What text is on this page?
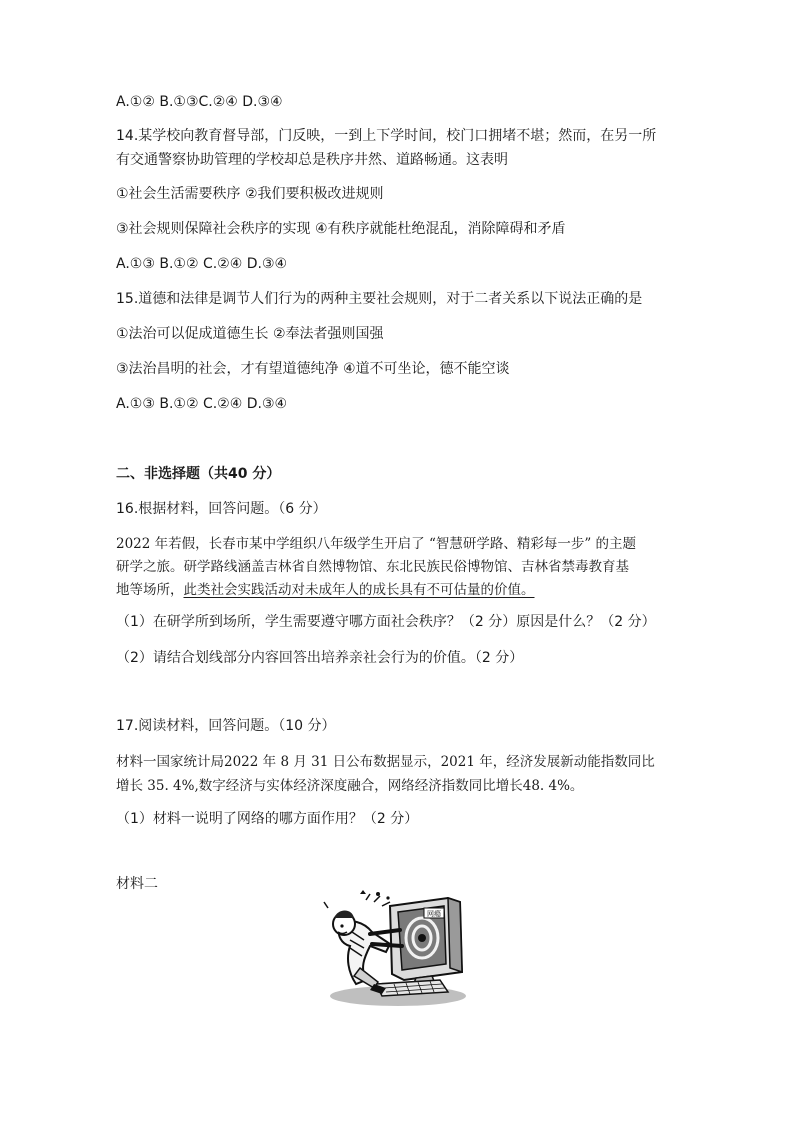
A.①② B.①③C.②④ D.③④
14.某学校向教育督导部，门反映，一到上下学时间，校门口拥堵不堪；然而，在另一所
有交通警察协助管理的学校却总是秩序井然、道路畅通。这表明
①社会生活需要秩序 ②我们要积极改进规则
③社会规则保障社会秩序的实现 ④有秩序就能杜绝混乱，消除障碍和矛盾
A.①③ B.①② C.②④ D.③④
15.道德和法律是调节人们行为的两种主要社会规则，对于二者关系以下说法正确的是
①法治可以促成道德生长 ②奉法者强则国强
③法治昌明的社会，才有望道德纯净 ④道不可坐论，德不能空谈
A.①③ B.①② C.②④ D.③④
二、非选择题（共40 分）
16.根据材料，回答问题。（6 分）
2022 年若假，长春市某中学组织八年级学生开启了 “智慧研学路、精彩每一步” 的主题
研学之旅。研学路线涵盖吉林省自然博物馆、东北民族民俗博物馆、吉林省禁毒教育基
地等场所，此类社会实践活动对未成年人的成长具有不可估量的价值。
（1）在研学所到场所，学生需要遵守哪方面社会秩序？（2 分）原因是什么？（2 分）
（2）请结合划线部分内容回答出培养亲社会行为的价值。（2 分）
17.阅读材料，回答问题。（10 分）
材料一国家统计局2022 年 8 月 31 日公布数据显示，2021 年，经济发展新动能指数同比
增长 35. 4%,数字经济与实体经济深度融合，网络经济指数同比增长48. 4%。
（1）材料一说明了网络的哪方面作用？（2 分）
材料二
网瘾
